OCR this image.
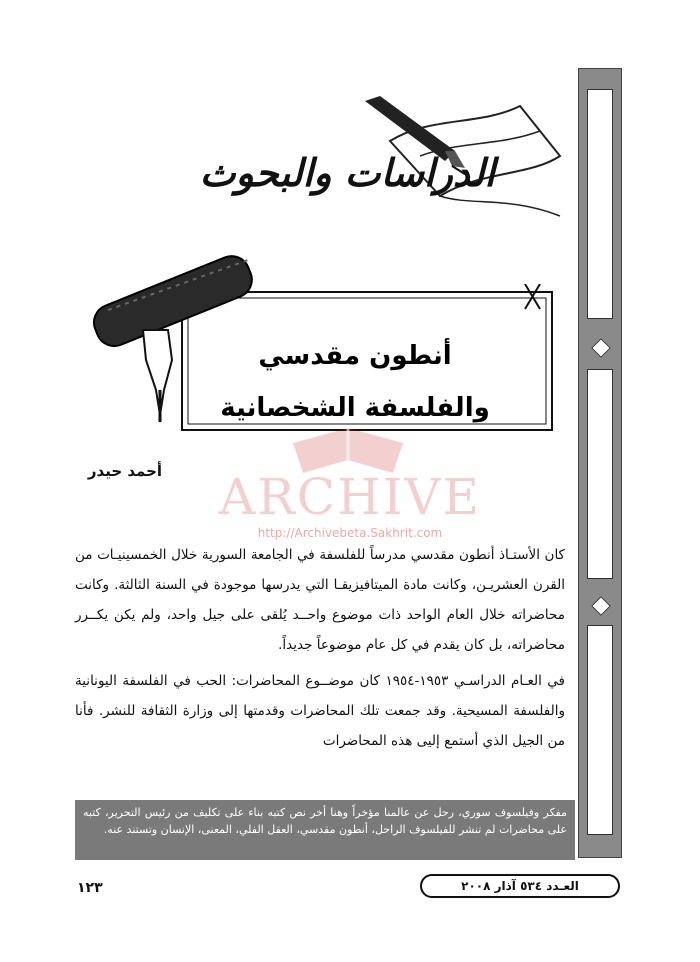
الدراسات والبحوث
أنطون مقدسي
والفلسفة الشخصانية
ARCHIVE
http://Archivebeta.Sakhrit.com
أحمد حيدر

كان الأستـاذ أنطون مقدسي مدرساً للفلسفة في الجامعة السورية خلال الخمسينيـات من القرن العشريـن، وكانت مادة الميتافيزيقـا التي يدرسها موجودة في السنة الثالثة. وكانت محاضراته خلال العام الواحد ذات موضوع واحــد يُلقى على جيل واحد، ولم يكن يكــرر محاضراته، بل كان يقدم في كل عام موضوعاً جديداً.

في العـام الدراسـي ١٩٥٣-١٩٥٤ كان موضــوع المحاضرات: الحب في الفلسفة اليونانية والفلسفة المسيحية. وقد جمعت تلك المحاضرات وقدمتها إلى وزارة الثقافة للنشر. فأنا من الجيل الذي أستمع إليى هذه المحاضرات

مفكر وفيلسوف سوري، رحل عن عالمنا مؤخراً وهنا أخر نص كتبه بناء على تكليف من رئيس التحرير، كتبه على محاضرات لم تنشر للفيلسوف الراحل، أنطون مقدسي، العقل الفلي، المعنى، الإنسان وتستند عنه.
١٢٣	العـدد ٥٣٤ آذار ٢٠٠٨
